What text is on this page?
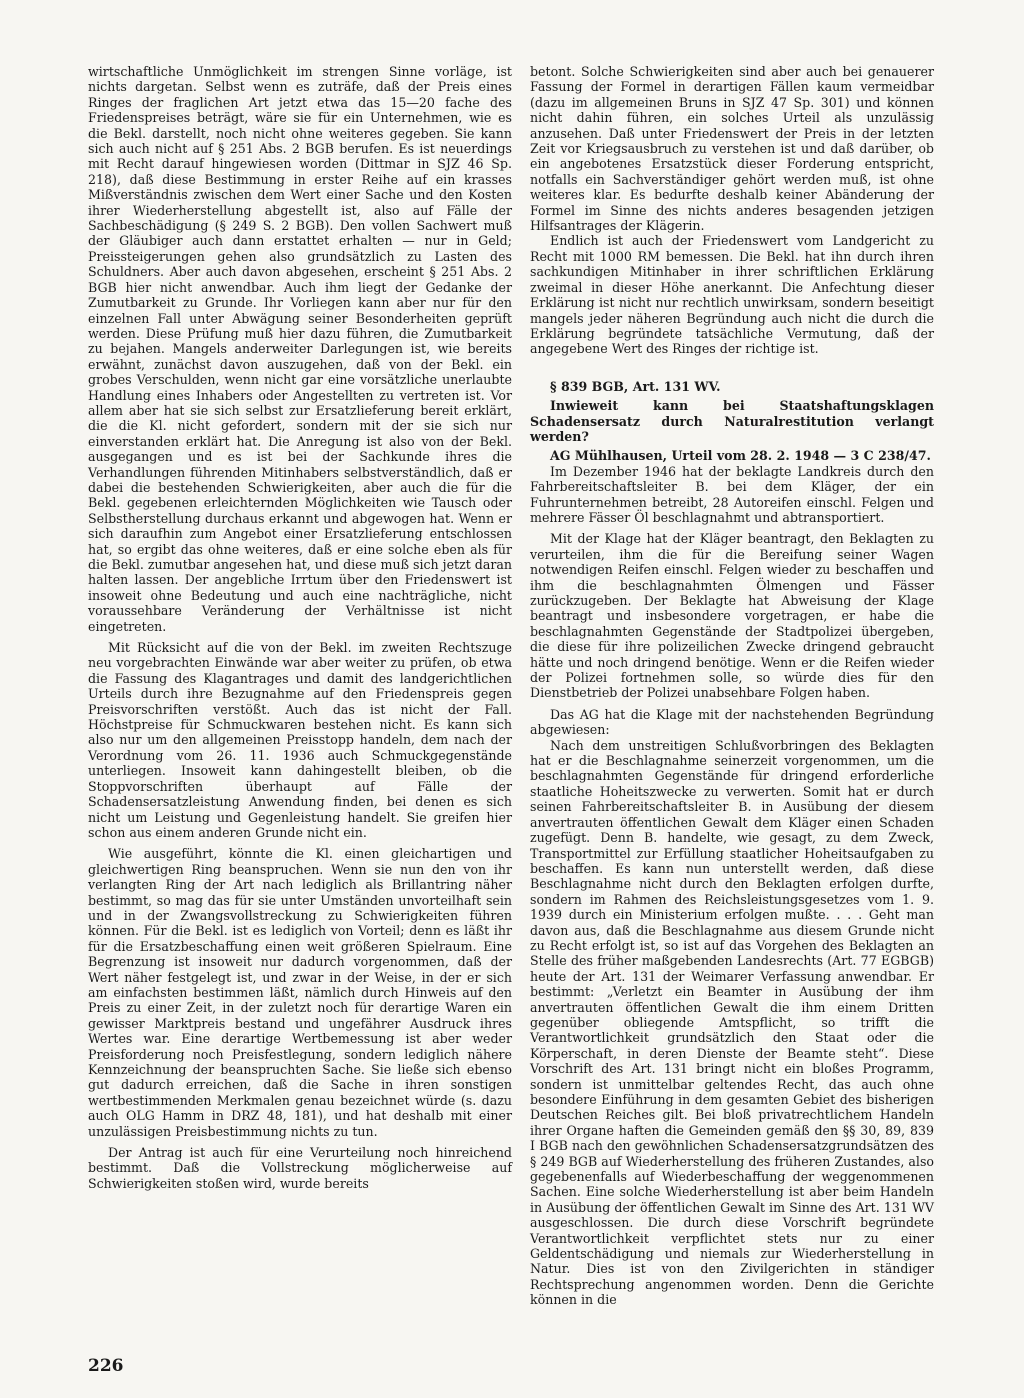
wirtschaftliche Unmöglichkeit im strengen Sinne vorläge, ist nichts dargetan. Selbst wenn es zuträfe, daß der Preis eines Ringes der fraglichen Art jetzt etwa das 15—20 fache des Friedenspreises beträgt, wäre sie für ein Unternehmen, wie es die Bekl. darstellt, noch nicht ohne weiteres gegeben. Sie kann sich auch nicht auf § 251 Abs. 2 BGB berufen. Es ist neuerdings mit Recht darauf hingewiesen worden (Dittmar in SJZ 46 Sp. 218), daß diese Bestimmung in erster Reihe auf ein krasses Mißverständnis zwischen dem Wert einer Sache und den Kosten ihrer Wiederherstellung abgestellt ist, also auf Fälle der Sachbeschädigung (§ 249 S. 2 BGB). Den vollen Sachwert muß der Gläubiger auch dann erstattet erhalten — nur in Geld; Preissteigerungen gehen also grundsätzlich zu Lasten des Schuldners. Aber auch davon abgesehen, erscheint § 251 Abs. 2 BGB hier nicht anwendbar. Auch ihm liegt der Gedanke der Zumutbarkeit zu Grunde. Ihr Vorliegen kann aber nur für den einzelnen Fall unter Abwägung seiner Besonderheiten geprüft werden. Diese Prüfung muß hier dazu führen, die Zumutbarkeit zu bejahen. Mangels anderweiter Darlegungen ist, wie bereits erwähnt, zunächst davon auszugehen, daß von der Bekl. ein grobes Verschulden, wenn nicht gar eine vorsätzliche unerlaubte Handlung eines Inhabers oder Angestellten zu vertreten ist. Vor allem aber hat sie sich selbst zur Ersatzlieferung bereit erklärt, die die Kl. nicht gefordert, sondern mit der sie sich nur einverstanden erklärt hat. Die Anregung ist also von der Bekl. ausgegangen und es ist bei der Sachkunde ihres die Verhandlungen führenden Mitinhabers selbstverständlich, daß er dabei die bestehenden Schwierigkeiten, aber auch die für die Bekl. gegebenen erleichternden Möglichkeiten wie Tausch oder Selbstherstellung durchaus erkannt und abgewogen hat. Wenn er sich daraufhin zum Angebot einer Ersatzlieferung entschlossen hat, so ergibt das ohne weiteres, daß er eine solche eben als für die Bekl. zumutbar angesehen hat, und diese muß sich jetzt daran halten lassen. Der angebliche Irrtum über den Friedenswert ist insoweit ohne Bedeutung und auch eine nachträgliche, nicht voraussehbare Veränderung der Verhältnisse ist nicht eingetreten.

Mit Rücksicht auf die von der Bekl. im zweiten Rechtszuge neu vorgebrachten Einwände war aber weiter zu prüfen, ob etwa die Fassung des Klagantrages und damit des landgerichtlichen Urteils durch ihre Bezugnahme auf den Friedenspreis gegen Preisvorschriften verstößt. Auch das ist nicht der Fall. Höchstpreise für Schmuckwaren bestehen nicht. Es kann sich also nur um den allgemeinen Preisstopp handeln, dem nach der Verordnung vom 26. 11. 1936 auch Schmuckgegenstände unterliegen. Insoweit kann dahingestellt bleiben, ob die Stoppvorschriften überhaupt auf Fälle der Schadensersatzleistung Anwendung finden, bei denen es sich nicht um Leistung und Gegenleistung handelt. Sie greifen hier schon aus einem anderen Grunde nicht ein.

Wie ausgeführt, könnte die Kl. einen gleichartigen und gleichwertigen Ring beanspruchen. Wenn sie nun den von ihr verlangten Ring der Art nach lediglich als Brillantring näher bestimmt, so mag das für sie unter Umständen unvorteilhaft sein und in der Zwangsvollstreckung zu Schwierigkeiten führen können. Für die Bekl. ist es lediglich von Vorteil; denn es läßt ihr für die Ersatzbeschaffung einen weit größeren Spielraum. Eine Begrenzung ist insoweit nur dadurch vorgenommen, daß der Wert näher festgelegt ist, und zwar in der Weise, in der er sich am einfachsten bestimmen läßt, nämlich durch Hinweis auf den Preis zu einer Zeit, in der zuletzt noch für derartige Waren ein gewisser Marktpreis bestand und ungefährer Ausdruck ihres Wertes war. Eine derartige Wertbemessung ist aber weder Preisforderung noch Preisfestlegung, sondern lediglich nähere Kennzeichnung der beanspruchten Sache. Sie ließe sich ebenso gut dadurch erreichen, daß die Sache in ihren sonstigen wertbestimmenden Merkmalen genau bezeichnet würde (s. dazu auch OLG Hamm in DRZ 48, 181), und hat deshalb mit einer unzulässigen Preisbestimmung nichts zu tun.

Der Antrag ist auch für eine Verurteilung noch hinreichend bestimmt. Daß die Vollstreckung möglicherweise auf Schwierigkeiten stoßen wird, wurde bereits

betont. Solche Schwierigkeiten sind aber auch bei genauerer Fassung der Formel in derartigen Fällen kaum vermeidbar (dazu im allgemeinen Bruns in SJZ 47 Sp. 301) und können nicht dahin führen, ein solches Urteil als unzulässig anzusehen. Daß unter Friedenswert der Preis in der letzten Zeit vor Kriegsausbruch zu verstehen ist und daß darüber, ob ein angebotenes Ersatzstück dieser Forderung entspricht, notfalls ein Sachverständiger gehört werden muß, ist ohne weiteres klar. Es bedurfte deshalb keiner Abänderung der Formel im Sinne des nichts anderes besagenden jetzigen Hilfsantrages der Klägerin.

Endlich ist auch der Friedenswert vom Landgericht zu Recht mit 1000 RM bemessen. Die Bekl. hat ihn durch ihren sachkundigen Mitinhaber in ihrer schriftlichen Erklärung zweimal in dieser Höhe anerkannt. Die Anfechtung dieser Erklärung ist nicht nur rechtlich unwirksam, sondern beseitigt mangels jeder näheren Begründung auch nicht die durch die Erklärung begründete tatsächliche Vermutung, daß der angegebene Wert des Ringes der richtige ist.

§ 839 BGB, Art. 131 WV.

Inwieweit kann bei Staatshaftungsklagen Schadensersatz durch Naturalrestitution verlangt werden?

AG Mühlhausen, Urteil vom 28. 2. 1948 — 3 C 238/47.

Im Dezember 1946 hat der beklagte Landkreis durch den Fahrbereitschaftsleiter B. bei dem Kläger, der ein Fuhrunternehmen betreibt, 28 Autoreifen einschl. Felgen und mehrere Fässer Öl beschlagnahmt und abtransportiert.

Mit der Klage hat der Kläger beantragt, den Beklagten zu verurteilen, ihm die für die Bereifung seiner Wagen notwendigen Reifen einschl. Felgen wieder zu beschaffen und ihm die beschlagnahmten Ölmengen und Fässer zurückzugeben. Der Beklagte hat Abweisung der Klage beantragt und insbesondere vorgetragen, er habe die beschlagnahmten Gegenstände der Stadtpolizei übergeben, die diese für ihre polizeilichen Zwecke dringend gebraucht hätte und noch dringend benötige. Wenn er die Reifen wieder der Polizei fortnehmen solle, so würde dies für den Dienstbetrieb der Polizei unabsehbare Folgen haben.

Das AG hat die Klage mit der nachstehenden Begründung abgewiesen:

Nach dem unstreitigen Schlußvorbringen des Beklagten hat er die Beschlagnahme seinerzeit vorgenommen, um die beschlagnahmten Gegenstände für dringend erforderliche staatliche Hoheitszwecke zu verwerten. Somit hat er durch seinen Fahrbereitschaftsleiter B. in Ausübung der diesem anvertrauten öffentlichen Gewalt dem Kläger einen Schaden zugefügt. Denn B. handelte, wie gesagt, zu dem Zweck, Transportmittel zur Erfüllung staatlicher Hoheitsaufgaben zu beschaffen. Es kann nun unterstellt werden, daß diese Beschlagnahme nicht durch den Beklagten erfolgen durfte, sondern im Rahmen des Reichsleistungsgesetzes vom 1. 9. 1939 durch ein Ministerium erfolgen mußte. . . . Geht man davon aus, daß die Beschlagnahme aus diesem Grunde nicht zu Recht erfolgt ist, so ist auf das Vorgehen des Beklagten an Stelle des früher maßgebenden Landesrechts (Art. 77 EGBGB) heute der Art. 131 der Weimarer Verfassung anwendbar. Er bestimmt: „Verletzt ein Beamter in Ausübung der ihm anvertrauten öffentlichen Gewalt die ihm einem Dritten gegenüber obliegende Amtspflicht, so trifft die Verantwortlichkeit grundsätzlich den Staat oder die Körperschaft, in deren Dienste der Beamte steht“. Diese Vorschrift des Art. 131 bringt nicht ein bloßes Programm, sondern ist unmittelbar geltendes Recht, das auch ohne besondere Einführung in dem gesamten Gebiet des bisherigen Deutschen Reiches gilt. Bei bloß privatrechtlichem Handeln ihrer Organe haften die Gemeinden gemäß den §§ 30, 89, 839 I BGB nach den gewöhnlichen Schadensersatzgrundsätzen des § 249 BGB auf Wiederherstellung des früheren Zustandes, also gegebenenfalls auf Wiederbeschaffung der weggenommenen Sachen. Eine solche Wiederherstellung ist aber beim Handeln in Ausübung der öffentlichen Gewalt im Sinne des Art. 131 WV ausgeschlossen. Die durch diese Vorschrift begründete Verantwortlichkeit verpflichtet stets nur zu einer Geldentschädigung und niemals zur Wiederherstellung in Natur. Dies ist von den Zivilgerichten in ständiger Rechtsprechung angenommen worden. Denn die Gerichte können in die

226
